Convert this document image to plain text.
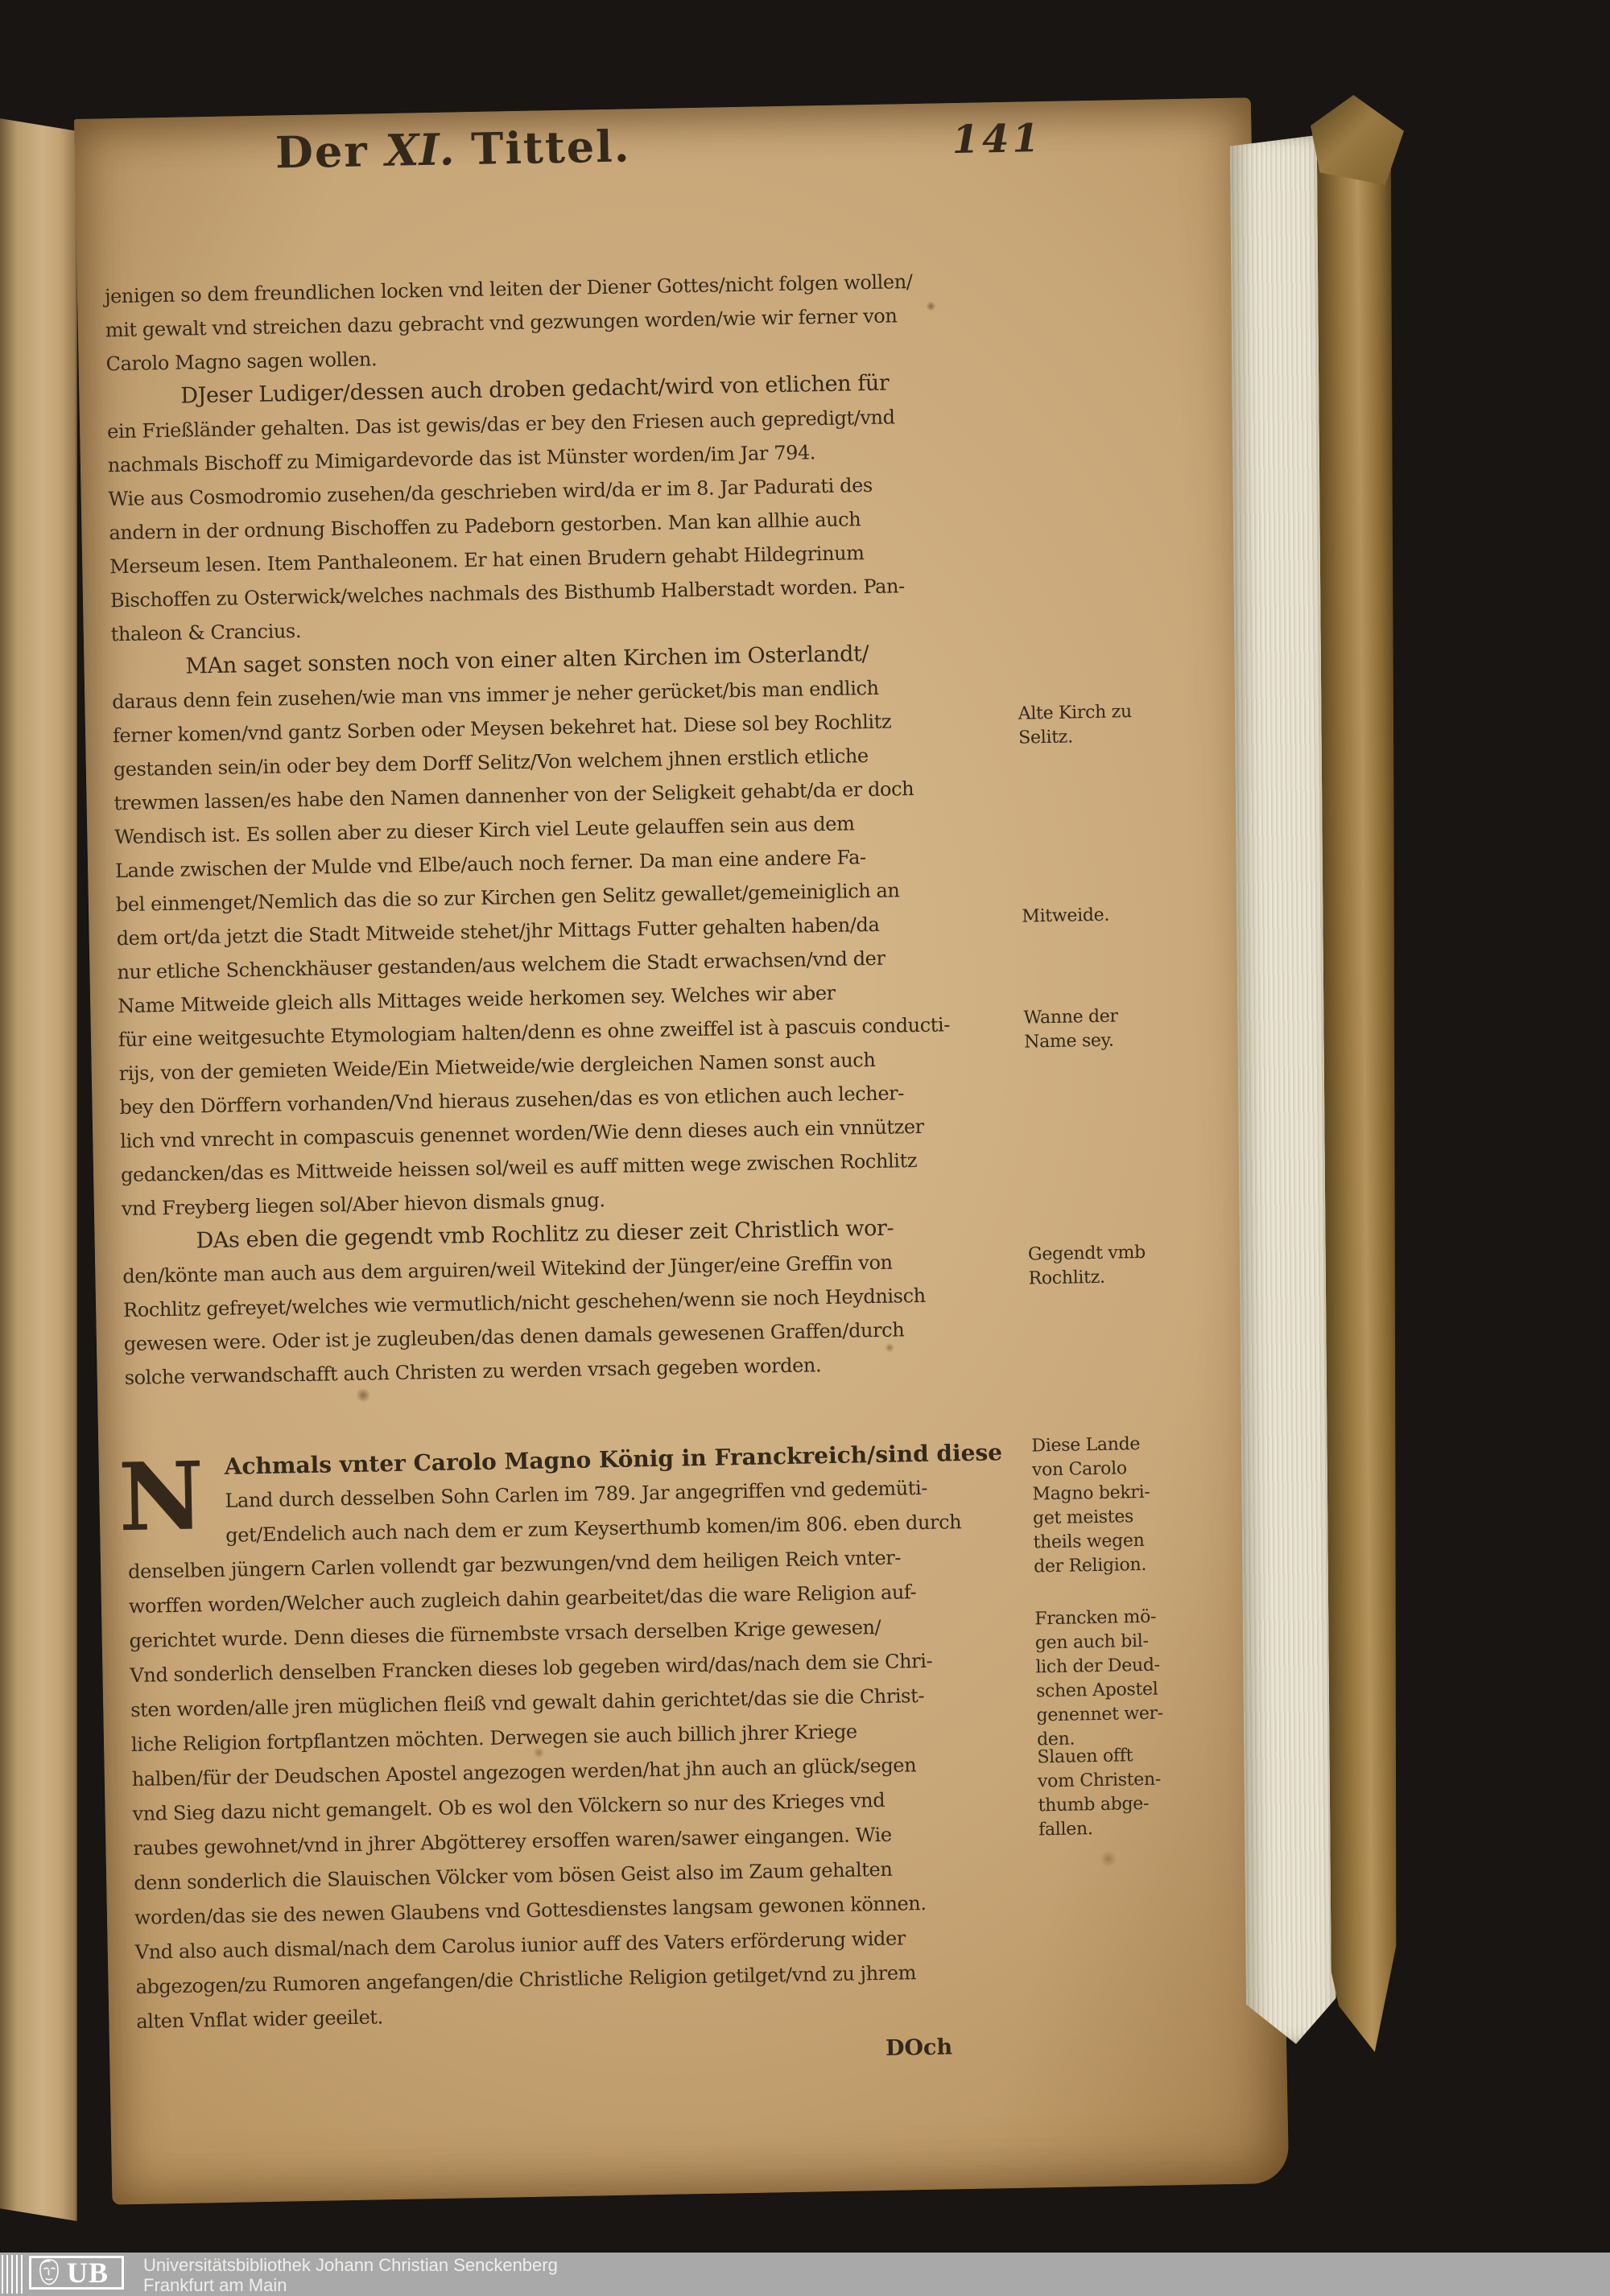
Der XI. Tittel.	141
jenigen so dem freundlichen locken vnd leiten der Diener Gottes/nicht folgen wollen/
mit gewalt vnd streichen dazu gebracht vnd gezwungen worden/wie wir ferner von
Carolo Magno sagen wollen.
DJeser Ludiger/dessen auch droben gedacht/wird von etlichen für
ein Frießländer gehalten. Das ist gewis/das er bey den Friesen auch gepredigt/vnd
nachmals Bischoff zu Mimigardevorde das ist Münster worden/im Jar 794.
Wie aus Cosmodromio zusehen/da geschrieben wird/da er im 8. Jar Padurati des
andern in der ordnung Bischoffen zu Padeborn gestorben. Man kan allhie auch
Merseum lesen. Item Panthaleonem. Er hat einen Brudern gehabt Hildegrinum
Bischoffen zu Osterwick/welches nachmals des Bisthumb Halberstadt worden. Pan-
thaleon & Crancius.
MAn saget sonsten noch von einer alten Kirchen im Osterlandt/
daraus denn fein zusehen/wie man vns immer je neher gerücket/bis man endlich
ferner komen/vnd gantz Sorben oder Meysen bekehret hat. Diese sol bey Rochlitz
gestanden sein/in oder bey dem Dorff Selitz/Von welchem jhnen erstlich etliche
trewmen lassen/es habe den Namen dannenher von der Seligkeit gehabt/da er doch
Wendisch ist. Es sollen aber zu dieser Kirch viel Leute gelauffen sein aus dem
Lande zwischen der Mulde vnd Elbe/auch noch ferner. Da man eine andere Fa-
bel einmenget/Nemlich das die so zur Kirchen gen Selitz gewallet/gemeiniglich an
dem ort/da jetzt die Stadt Mitweide stehet/jhr Mittags Futter gehalten haben/da
nur etliche Schenckhäuser gestanden/aus welchem die Stadt erwachsen/vnd der
Name Mitweide gleich alls Mittages weide herkomen sey. Welches wir aber
für eine weitgesuchte Etymologiam halten/denn es ohne zweiffel ist à pascuis conducti-
rijs, von der gemieten Weide/Ein Mietweide/wie dergleichen Namen sonst auch
bey den Dörffern vorhanden/Vnd hieraus zusehen/das es von etlichen auch lecher-
lich vnd vnrecht in compascuis genennet worden/Wie denn dieses auch ein vnnützer
gedancken/das es Mittweide heissen sol/weil es auff mitten wege zwischen Rochlitz
vnd Freyberg liegen sol/Aber hievon dismals gnug.
DAs eben die gegendt vmb Rochlitz zu dieser zeit Christlich wor-
den/könte man auch aus dem arguiren/weil Witekind der Jünger/eine Greffin von
Rochlitz gefreyet/welches wie vermutlich/nicht geschehen/wenn sie noch Heydnisch
gewesen were. Oder ist je zugleuben/das denen damals gewesenen Graffen/durch
solche verwandschafft auch Christen zu werden vrsach gegeben worden.
N Achmals vnter Carolo Magno König in Franckreich/sind diese
Land durch desselben Sohn Carlen im 789. Jar angegriffen vnd gedemüti-
get/Endelich auch nach dem er zum Keyserthumb komen/im 806. eben durch
denselben jüngern Carlen vollendt gar bezwungen/vnd dem heiligen Reich vnter-
worffen worden/Welcher auch zugleich dahin gearbeitet/das die ware Religion auf-
gerichtet wurde. Denn dieses die fürnembste vrsach derselben Krige gewesen/
Vnd sonderlich denselben Francken dieses lob gegeben wird/das/nach dem sie Chri-
sten worden/alle jren müglichen fleiß vnd gewalt dahin gerichtet/das sie die Christ-
liche Religion fortpflantzen möchten. Derwegen sie auch billich jhrer Kriege
halben/für der Deudschen Apostel angezogen werden/hat jhn auch an glück/segen
vnd Sieg dazu nicht gemangelt. Ob es wol den Völckern so nur des Krieges vnd
raubes gewohnet/vnd in jhrer Abgötterey ersoffen waren/sawer eingangen. Wie
denn sonderlich die Slauischen Völcker vom bösen Geist also im Zaum gehalten
worden/das sie des newen Glaubens vnd Gottesdienstes langsam gewonen können.
Vnd also auch dismal/nach dem Carolus iunior auff des Vaters erförderung wider
abgezogen/zu Rumoren angefangen/die Christliche Religion getilget/vnd zu jhrem
alten Vnflat wider geeilet.
Alte Kirch zu
Selitz.
Mitweide.
Wanne der
Name sey.
Gegendt vmb
Rochlitz.
Diese Lande
von Carolo
Magno bekri-
get meistes
theils wegen
der Religion.
Francken mö-
gen auch bil-
lich der Deud-
schen Apostel
genennet wer-
den.
Slauen offt
vom Christen-
thumb abge-
fallen.
DOch
UB Universitätsbibliothek Johann Christian Senckenberg
Frankfurt am Main
